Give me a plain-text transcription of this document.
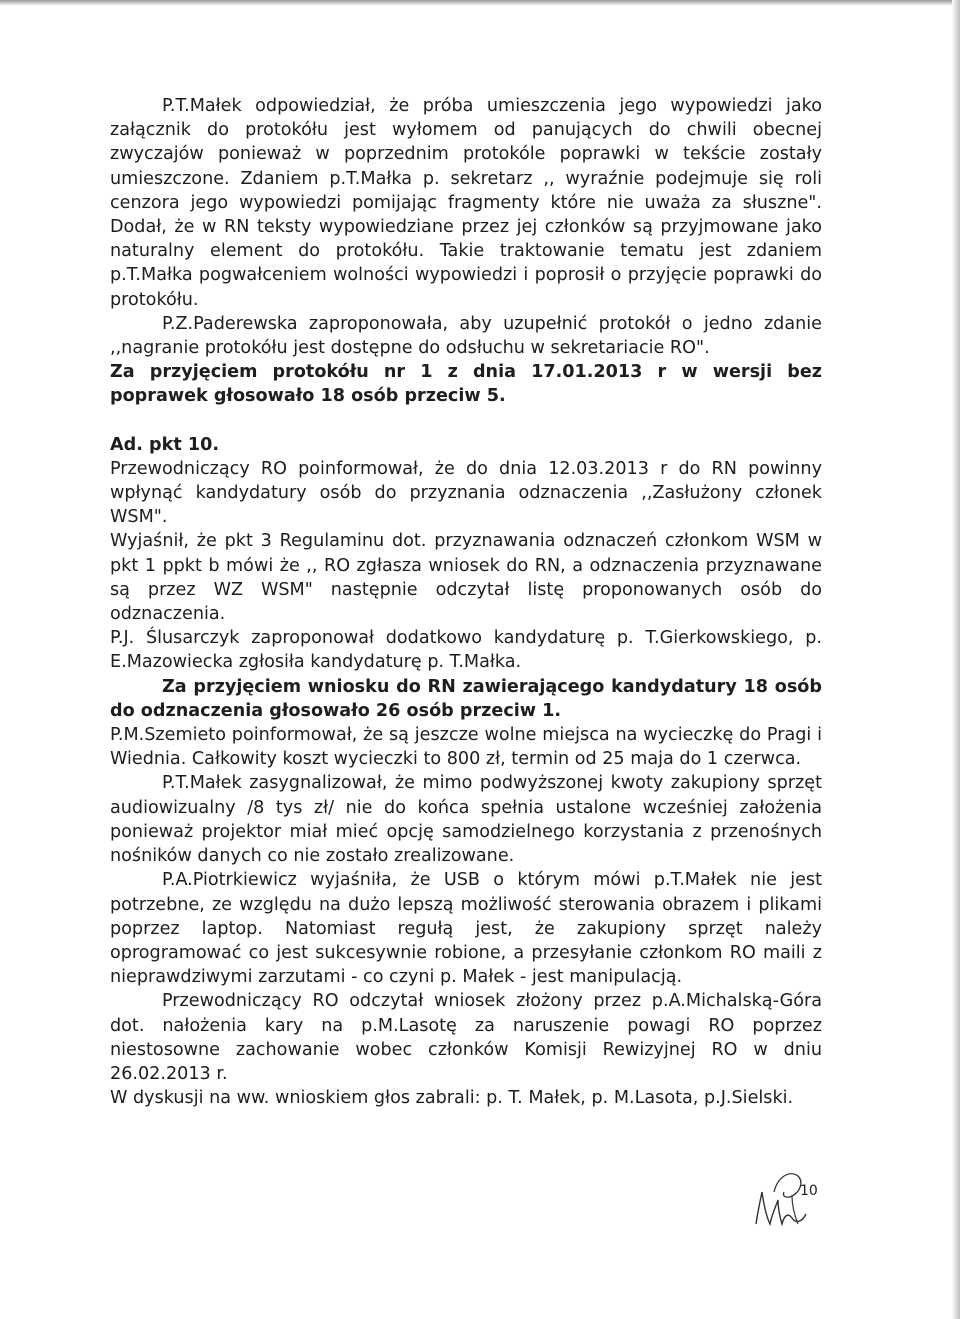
P.T.Małek odpowiedział, że próba umieszczenia jego wypowiedzi jako załącznik do protokółu jest wyłomem od panujących do chwili obecnej zwyczajów ponieważ w poprzednim protokóle poprawki w tekście zostały umieszczone. Zdaniem p.T.Małka p. sekretarz ,, wyraźnie podejmuje się roli cenzora jego wypowiedzi pomijając fragmenty które nie uważa za słuszne". Dodał, że w RN teksty wypowiedziane przez jej członków są przyjmowane jako naturalny element do protokółu. Takie traktowanie tematu jest zdaniem p.T.Małka pogwałceniem wolności wypowiedzi i poprosił o przyjęcie poprawki do protokółu.

P.Z.Paderewska zaproponowała, aby uzupełnić protokół o jedno zdanie ,,nagranie protokółu jest dostępne do odsłuchu w sekretariacie RO".

Za przyjęciem protokółu nr 1 z dnia 17.01.2013 r w wersji bez poprawek głosowało 18 osób przeciw 5.

Ad. pkt 10.

Przewodniczący RO poinformował, że do dnia 12.03.2013 r do RN powinny wpłynąć kandydatury osób do przyznania odznaczenia ,,Zasłużony członek WSM".

Wyjaśnił, że pkt 3 Regulaminu dot. przyznawania odznaczeń członkom WSM w pkt 1 ppkt b mówi że ,, RO zgłasza wniosek do RN, a odznaczenia przyznawane są przez WZ WSM" następnie odczytał listę proponowanych osób do odznaczenia.

P.J. Ślusarczyk zaproponował dodatkowo kandydaturę p. T.Gierkowskiego, p. E.Mazowiecka zgłosiła kandydaturę p. T.Małka.

Za przyjęciem wniosku do RN zawierającego kandydatury 18 osób do odznaczenia głosowało 26 osób przeciw 1.

P.M.Szemieto poinformował, że są jeszcze wolne miejsca na wycieczkę do Pragi i Wiednia. Całkowity koszt wycieczki to 800 zł, termin od 25 maja do 1 czerwca.

P.T.Małek zasygnalizował, że mimo podwyższonej kwoty zakupiony sprzęt audiowizualny /8 tys zł/ nie do końca spełnia ustalone wcześniej założenia ponieważ projektor miał mieć opcję samodzielnego korzystania z przenośnych nośników danych co nie zostało zrealizowane.

P.A.Piotrkiewicz wyjaśniła, że USB o którym mówi p.T.Małek nie jest potrzebne, ze względu na dużo lepszą możliwość sterowania obrazem i plikami poprzez laptop. Natomiast regułą jest, że zakupiony sprzęt należy oprogramować co jest sukcesywnie robione, a przesyłanie członkom RO maili z nieprawdziwymi zarzutami - co czyni p. Małek - jest manipulacją.

Przewodniczący RO odczytał wniosek złożony przez p.A.Michalską-Góra dot. nałożenia kary na p.M.Lasotę za naruszenie powagi RO poprzez niestosowne zachowanie wobec członków Komisji Rewizyjnej RO w dniu 26.02.2013 r.

W dyskusji na ww. wnioskiem głos zabrali: p. T. Małek, p. M.Lasota, p.J.Sielski.

10
